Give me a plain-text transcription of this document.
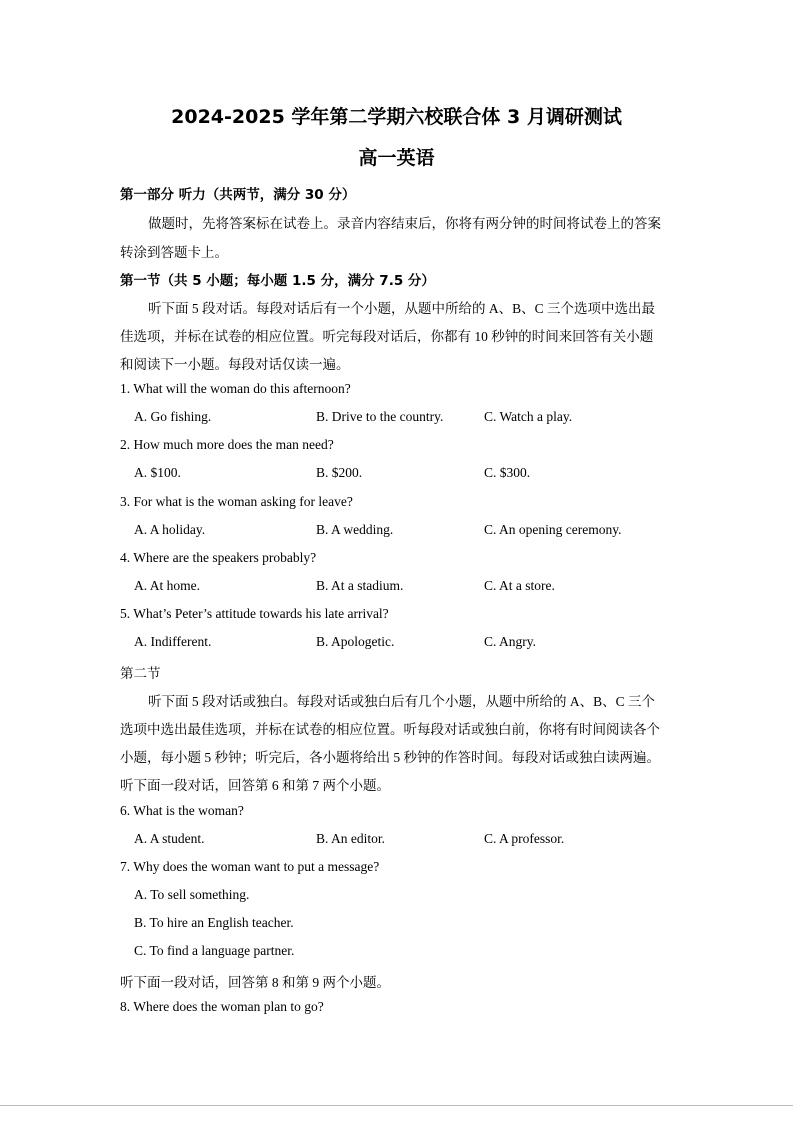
2024-2025 学年第二学期六校联合体 3 月调研测试
高一英语
第一部分 听力（共两节，满分 30 分）
做题时，先将答案标在试卷上。录音内容结束后，你将有两分钟的时间将试卷上的答案
转涂到答题卡上。
第一节（共 5 小题；每小题 1.5 分，满分 7.5 分）
听下面 5 段对话。每段对话后有一个小题，从题中所给的 A、B、C 三个选项中选出最
佳选项，并标在试卷的相应位置。听完每段对话后，你都有 10 秒钟的时间来回答有关小题
和阅读下一小题。每段对话仅读一遍。
1. What will the woman do this afternoon?
A. Go fishing.	B. Drive to the country.	C. Watch a play.
2. How much more does the man need?
A. $100.	B. $200.	C. $300.
3. For what is the woman asking for leave?
A. A holiday.	B. A wedding.	C. An opening ceremony.
4. Where are the speakers probably?
A. At home.	B. At a stadium.	C. At a store.
5. What’s Peter’s attitude towards his late arrival?
A. Indifferent.	B. Apologetic.	C. Angry.
第二节
听下面 5 段对话或独白。每段对话或独白后有几个小题，从题中所给的 A、B、C 三个
选项中选出最佳选项，并标在试卷的相应位置。听每段对话或独白前，你将有时间阅读各个
小题，每小题 5 秒钟；听完后，各小题将给出 5 秒钟的作答时间。每段对话或独白读两遍。
听下面一段对话，回答第 6 和第 7 两个小题。
6. What is the woman?
A. A student.	B. An editor.	C. A professor.
7. Why does the woman want to put a message?
A. To sell something.
B. To hire an English teacher.
C. To find a language partner.
听下面一段对话，回答第 8 和第 9 两个小题。
8. Where does the woman plan to go?
